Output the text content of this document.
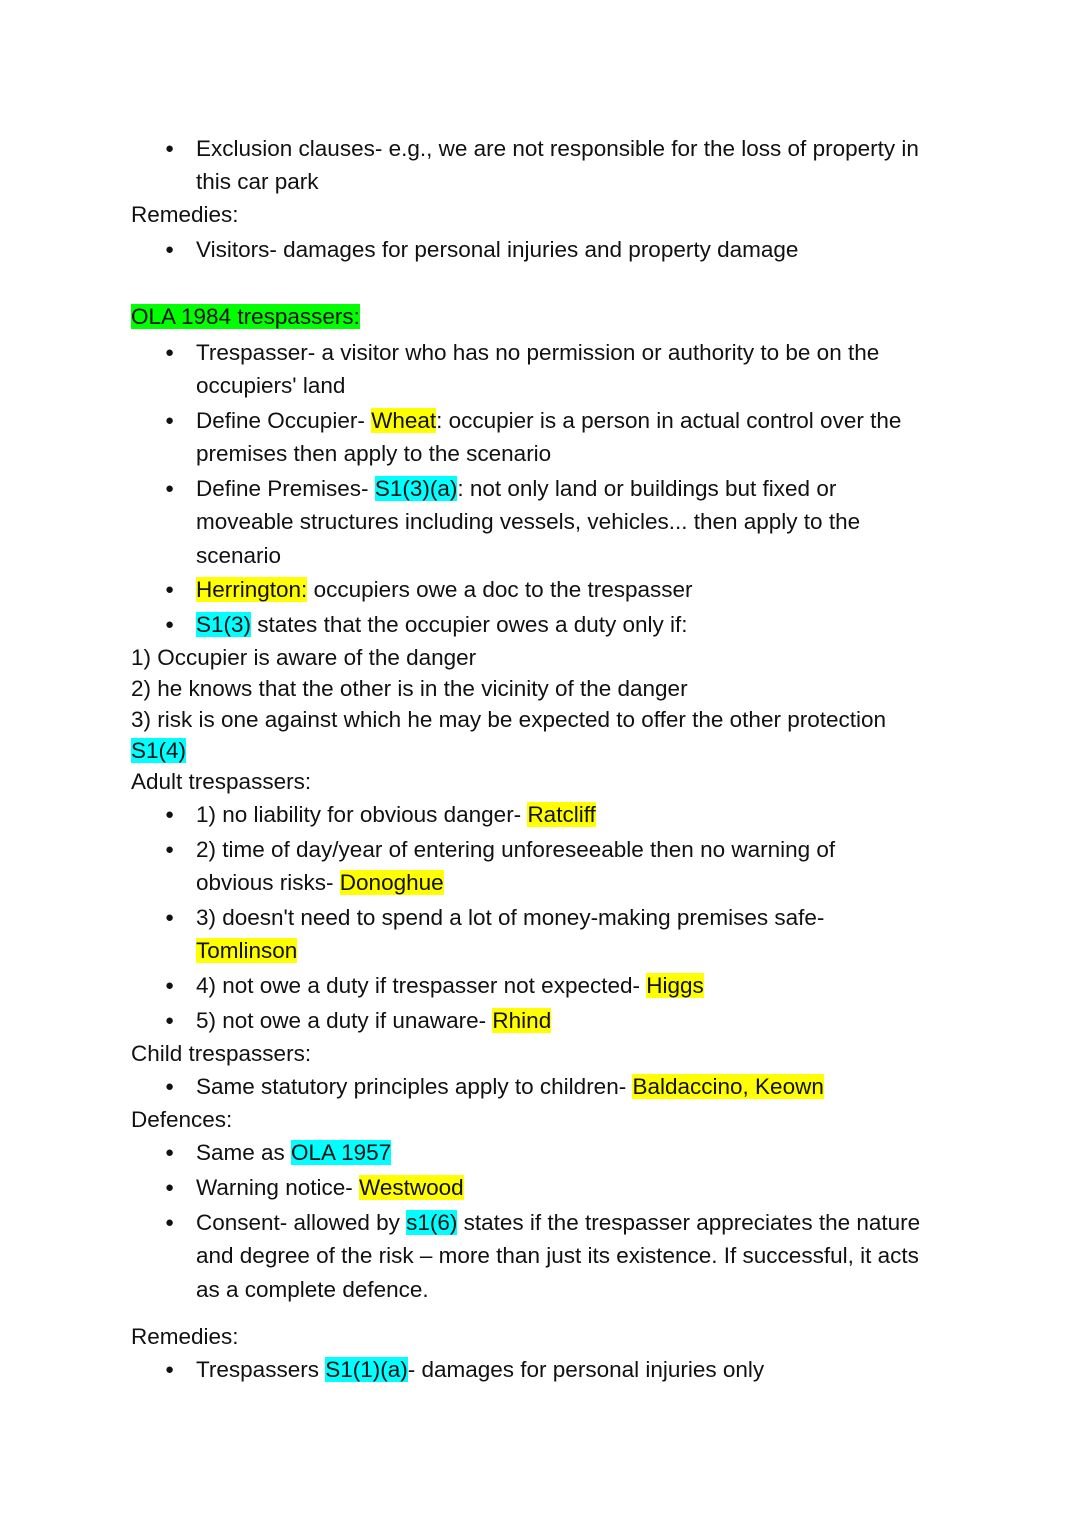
● Exclusion clauses- e.g., we are not responsible for the loss of property in
this car park
Remedies:
● Visitors- damages for personal injuries and property damage
OLA 1984 trespassers:
● Trespasser- a visitor who has no permission or authority to be on the
occupiers' land
● Define Occupier- Wheat: occupier is a person in actual control over the
premises then apply to the scenario
● Define Premises- S1(3)(a): not only land or buildings but fixed or
moveable structures including vessels, vehicles... then apply to the
scenario
● Herrington: occupiers owe a doc to the trespasser
● S1(3) states that the occupier owes a duty only if:
1) Occupier is aware of the danger
2) he knows that the other is in the vicinity of the danger
3) risk is one against which he may be expected to offer the other protection
S1(4)
Adult trespassers:
● 1) no liability for obvious danger- Ratcliff
● 2) time of day/year of entering unforeseeable then no warning of
obvious risks- Donoghue
● 3) doesn't need to spend a lot of money-making premises safe-
Tomlinson
● 4) not owe a duty if trespasser not expected- Higgs
● 5) not owe a duty if unaware- Rhind
Child trespassers:
● Same statutory principles apply to children- Baldaccino, Keown
Defences:
● Same as OLA 1957
● Warning notice- Westwood
● Consent- allowed by s1(6) states if the trespasser appreciates the nature
and degree of the risk – more than just its existence. If successful, it acts
as a complete defence.
Remedies:
● Trespassers S1(1)(a)- damages for personal injuries only
